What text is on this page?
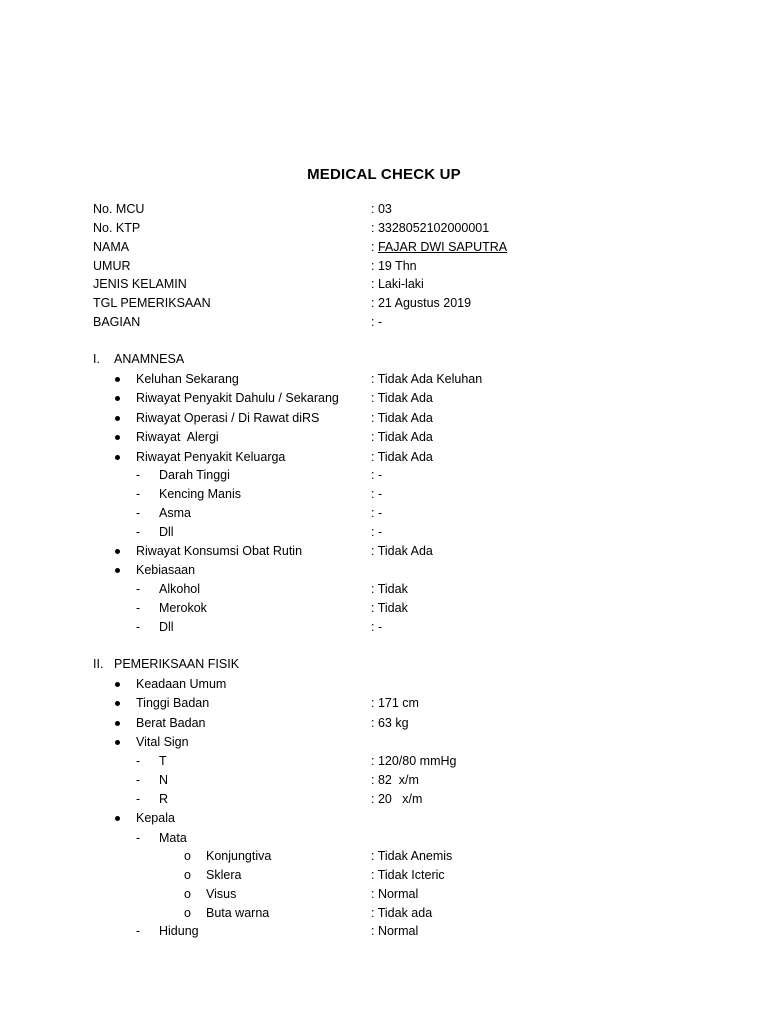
MEDICAL CHECK UP
No. MCU	: 03
No. KTP	: 3328052102000001
NAMA	: FAJAR DWI SAPUTRA
UMUR	: 19 Thn
JENIS KELAMIN	: Laki-laki
TGL PEMERIKSAAN	: 21 Agustus 2019
BAGIAN	: -
I. ANAMNESA
Keluhan Sekarang	: Tidak Ada Keluhan
Riwayat Penyakit Dahulu / Sekarang	: Tidak Ada
Riwayat Operasi / Di Rawat diRS	: Tidak Ada
Riwayat  Alergi	: Tidak Ada
Riwayat Penyakit Keluarga	: Tidak Ada
- Darah Tinggi	: -
- Kencing Manis	: -
- Asma	: -
- Dll	: -
Riwayat Konsumsi Obat Rutin	: Tidak Ada
Kebiasaan
- Alkohol	: Tidak
- Merokok	: Tidak
- Dll	: -
II. PEMERIKSAAN FISIK
Keadaan Umum
Tinggi Badan	: 171 cm
Berat Badan	: 63 kg
Vital Sign
- T	: 120/80 mmHg
- N	: 82  x/m
- R	: 20   x/m
Kepala
- Mata
o Konjungtiva	: Tidak Anemis
o Sklera	: Tidak Icteric
o Visus	: Normal
o Buta warna	: Tidak ada
- Hidung	: Normal
